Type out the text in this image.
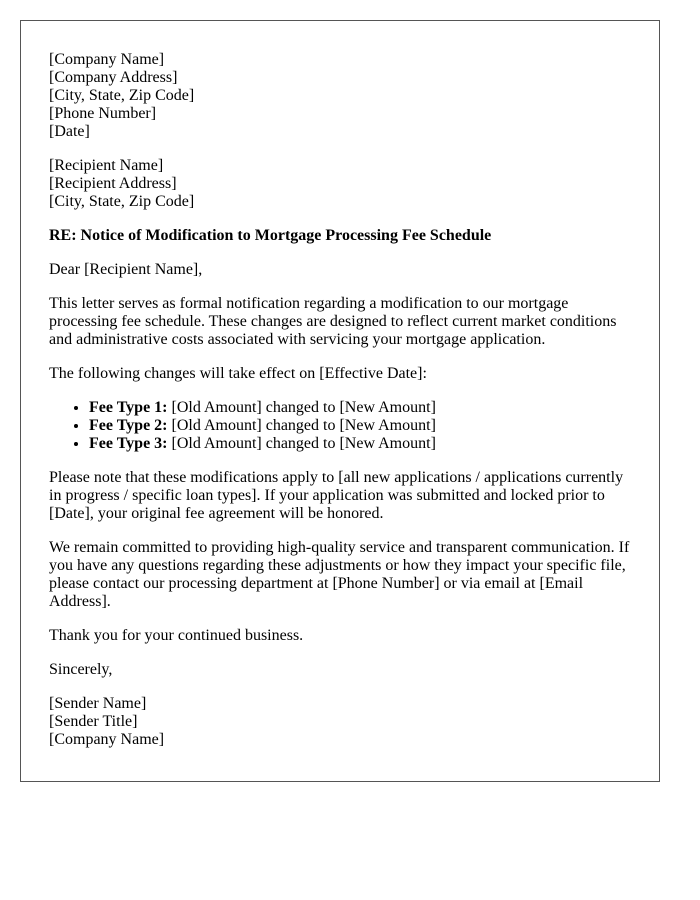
[Company Name]
[Company Address]
[City, State, Zip Code]
[Phone Number]
[Date]
[Recipient Name]
[Recipient Address]
[City, State, Zip Code]

RE: Notice of Modification to Mortgage Processing Fee Schedule

Dear [Recipient Name],

This letter serves as formal notification regarding a modification to our mortgage processing fee schedule. These changes are designed to reflect current market conditions and administrative costs associated with servicing your mortgage application.

The following changes will take effect on [Effective Date]:

• Fee Type 1: [Old Amount] changed to [New Amount]
• Fee Type 2: [Old Amount] changed to [New Amount]
• Fee Type 3: [Old Amount] changed to [New Amount]

Please note that these modifications apply to [all new applications / applications currently in progress / specific loan types]. If your application was submitted and locked prior to [Date], your original fee agreement will be honored.

We remain committed to providing high-quality service and transparent communication. If you have any questions regarding these adjustments or how they impact your specific file, please contact our processing department at [Phone Number] or via email at [Email Address].

Thank you for your continued business.

Sincerely,

[Sender Name]
[Sender Title]
[Company Name]
